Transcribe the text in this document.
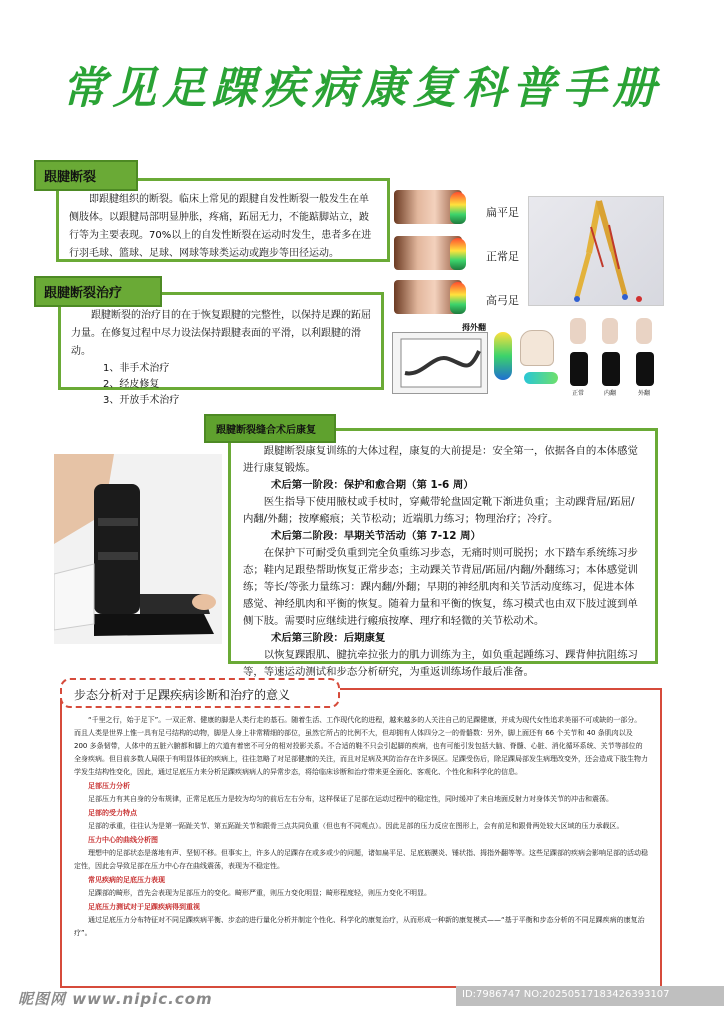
常见足踝疾病康复科普手册
即跟腱组织的断裂。临床上常见的跟腱自发性断裂一般发生在单侧肢体。以跟腱局部明显肿胀，疼痛，跖屈无力，不能踮脚站立，跛行等为主要表现。70%以上的自发性断裂在运动时发生，患者多在进行羽毛球、篮球、足球、网球等球类运动或跑步等田径运动。
跟腱断裂
跟腱断裂的治疗目的在于恢复跟腱的完整性，以保持足踝的跖屈力量。在修复过程中尽力设法保持跟腱表面的平滑，以利跟腱的滑动。
1、非手术治疗
2、经皮修复
3、开放手术治疗
跟腱断裂治疗
扁平足
正常足
高弓足
拇外翻
正常	内翻	外翻
跟腱断裂康复训练的大体过程，康复的大前提是：安全第一，依据各自的本体感觉进行康复锻炼。
术后第一阶段：保护和愈合期（第 1-6 周）
医生指导下使用腋杖或手杖时，穿戴带轮盘固定靴下渐进负重；主动踝背屈/跖屈/内翻/外翻；按摩瘢痕；关节松动；近端肌力练习；物理治疗；冷疗。
术后第二阶段：早期关节活动（第 7-12 周）
在保护下可耐受负重到完全负重练习步态，无痛时则可脱拐；水下踏车系统练习步态；鞋内足跟垫帮助恢复正常步态；主动踝关节背屈/跖屈/内翻/外翻练习；本体感觉训练；等长/等张力量练习：踝内翻/外翻；早期的神经肌肉和关节活动度练习，促进本体感觉、神经肌肉和平衡的恢复。随着力量和平衡的恢复，练习模式也由双下肢过渡到单侧下肢。需要时应继续进行瘢痕按摩、理疗和轻微的关节松动术。
术后第三阶段：后期康复
以恢复踝跟肌、腱抗牵拉张力的肌力训练为主，如负重起踵练习、踝背伸抗阻练习等，等速运动测试和步态分析研究，为重返训练场作最后准备。
跟腱断裂缝合术后康复
“千里之行，始于足下”。一双正常、健康的脚是人类行走的基石。随着生活、工作现代化的进程，越来越多的人关注自己的足踝健康，并成为现代女性追求美丽不可或缺的一部分。而且人类是世界上惟一具有足弓结构的动物，脚是人身上非常精细的部位，虽然它所占的比例不大，但却拥有人体四分之一的骨骼数：另外，脚上面还有 66 个关节和 40 条肌肉以及 200 多条韧带，人体中的五脏六腑都和脚上的穴道有着密不可分的相对投影关系。不合适的鞋不只会引起脚的疾病，也有可能引发包括大脑、脊髓、心脏、消化循环系统、关节等部位的全身疾病。但目前多数人局限于有明显体征的疾病上，往往忽略了对足部健康的关注，而且对足病及其防治存在许多误区。足踝受伤后，除足踝局部发生病理改变外，还会造成下肢生物力学发生结构性变化，因此，通过足底压力来分析足踝疾病病人的异常步态，将给临床诊断和治疗带来更全面化、客观化、个性化和科学化的信息。
足部压力分析
足部压力有其自身的分布规律，正常足底压力是较为均匀的前后左右分布，这样保证了足部在运动过程中的稳定性，同时缓冲了来自地面反射力对身体关节的冲击和震荡。
足部的受力特点
足部的承重，往往认为是第一跖趾关节、第五跖趾关节和跟骨三点共同负重（但也有不同观点）。因此足部的压力反应在图形上，会有前足和跟骨两处较大区域的压力承载区。
压力中心的曲线分析图
理想中的足部状态是落地有声、坚韧不移。但事实上，许多人的足踝存在或多或少的问题，诸如扁平足、足底筋膜炎、锤状指、拇指外翻等等。这些足踝部的疾病会影响足部的活动稳定性，因此会导致足部在压力中心存在曲线震荡，表现为不稳定性。
常见疾病的足底压力表现
足踝部的畸形，首先会表现为足部压力的变化。畸形严重，则压力变化明显；畸形程度轻，则压力变化不明显。
足底压力测试对于足踝疾病得到重视
通过足底压力分布特征对不同足踝疾病平衡、步态的进行量化分析并制定个性化、科学化的康复治疗，从而形成一种新的康复模式——“基于平衡和步态分析的不同足踝疾病的康复治疗”。
步态分析对于足踝疾病诊断和治疗的意义
昵图网 www.nipic.com	ID:7986747 NO:20250517183426393107
